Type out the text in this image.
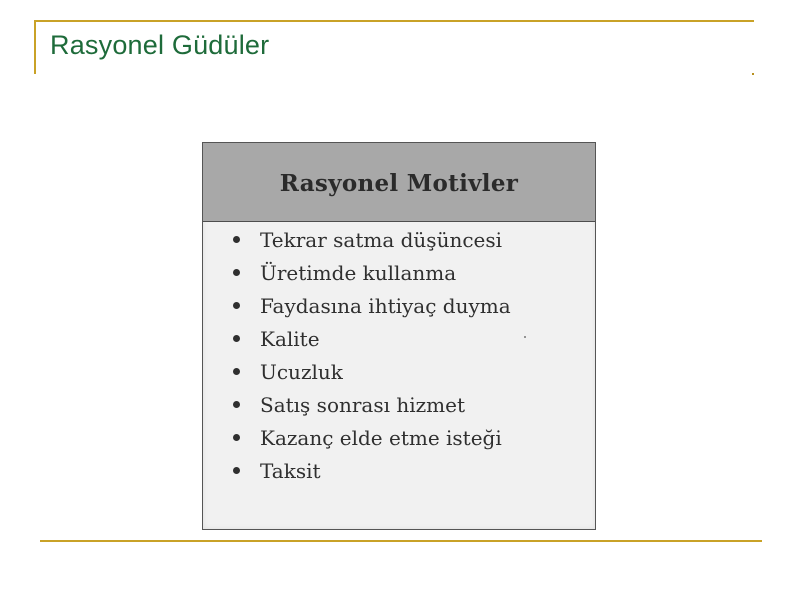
Rasyonel Güdüler
Rasyonel Motivler
Tekrar satma düşüncesi
Üretimde kullanma
Faydasına ihtiyaç duyma
Kalite
Ucuzluk
Satış sonrası hizmet
Kazanç elde etme isteği
Taksit
